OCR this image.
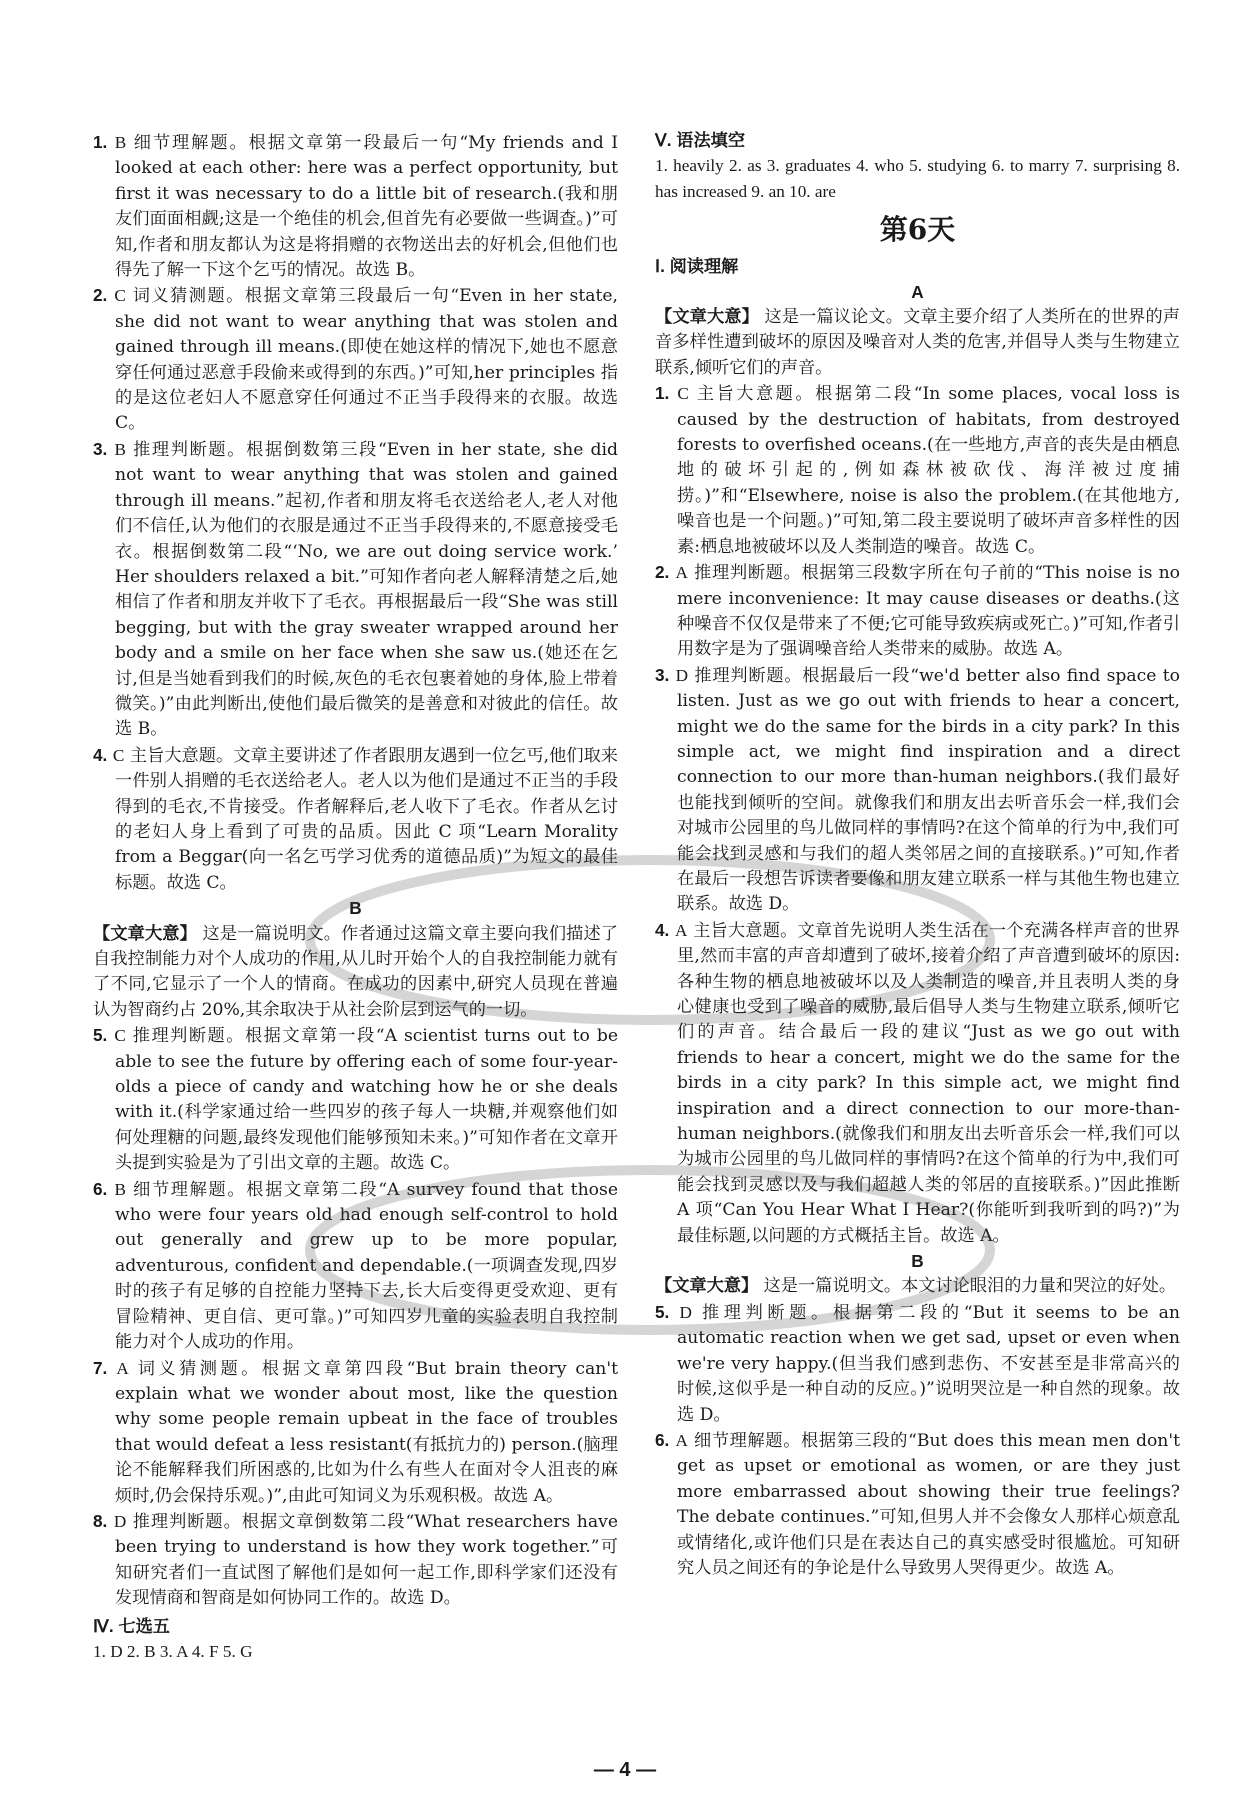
1. B 细节理解题。根据文章第一段最后一句“My friends and I looked at each other: here was a perfect opportunity, but first it was necessary to do a little bit of research.(我和朋友们面面相觑;这是一个绝佳的机会,但首先有必要做一些调查。)”可知,作者和朋友都认为这是将捐赠的衣物送出去的好机会,但他们也得先了解一下这个乞丐的情况。故选 B。

2. C 词义猜测题。根据文章第三段最后一句“Even in her state, she did not want to wear anything that was stolen and gained through ill means.(即使在她这样的情况下,她也不愿意穿任何通过恶意手段偷来或得到的东西。)”可知,her principles 指的是这位老妇人不愿意穿任何通过不正当手段得来的衣服。故选 C。

3. B 推理判断题。根据倒数第三段“Even in her state, she did not want to wear anything that was stolen and gained through ill means.”起初,作者和朋友将毛衣送给老人,老人对他们不信任,认为他们的衣服是通过不正当手段得来的,不愿意接受毛衣。根据倒数第二段“‘No, we are out doing service work.’ Her shoulders relaxed a bit.”可知作者向老人解释清楚之后,她相信了作者和朋友并收下了毛衣。再根据最后一段“She was still begging, but with the gray sweater wrapped around her body and a smile on her face when she saw us.(她还在乞讨,但是当她看到我们的时候,灰色的毛衣包裹着她的身体,脸上带着微笑。)”由此判断出,使他们最后微笑的是善意和对彼此的信任。故选 B。

4. C 主旨大意题。文章主要讲述了作者跟朋友遇到一位乞丐,他们取来一件别人捐赠的毛衣送给老人。老人以为他们是通过不正当的手段得到的毛衣,不肯接受。作者解释后,老人收下了毛衣。作者从乞讨的老妇人身上看到了可贵的品质。因此 C 项“Learn Morality from a Beggar(向一名乞丐学习优秀的道德品质)”为短文的最佳标题。故选 C。

B

【文章大意】 这是一篇说明文。作者通过这篇文章主要向我们描述了自我控制能力对个人成功的作用,从儿时开始个人的自我控制能力就有了不同,它显示了一个人的情商。在成功的因素中,研究人员现在普遍认为智商约占 20%,其余取决于从社会阶层到运气的一切。

5. C 推理判断题。根据文章第一段“A scientist turns out to be able to see the future by offering each of some four-year-olds a piece of candy and watching how he or she deals with it.(科学家通过给一些四岁的孩子每人一块糖,并观察他们如何处理糖的问题,最终发现他们能够预知未来。)”可知作者在文章开头提到实验是为了引出文章的主题。故选 C。

6. B 细节理解题。根据文章第二段“A survey found that those who were four years old had enough self-control to hold out generally and grew up to be more popular, adventurous, confident and dependable.(一项调查发现,四岁时的孩子有足够的自控能力坚持下去,长大后变得更受欢迎、更有冒险精神、更自信、更可靠。)”可知四岁儿童的实验表明自我控制能力对个人成功的作用。

7. A 词义猜测题。根据文章第四段“But brain theory can't explain what we wonder about most, like the question why some people remain upbeat in the face of troubles that would defeat a less resistant(有抵抗力的) person.(脑理论不能解释我们所困惑的,比如为什么有些人在面对令人沮丧的麻烦时,仍会保持乐观。)”,由此可知词义为乐观积极。故选 A。

8. D 推理判断题。根据文章倒数第二段“What researchers have been trying to understand is how they work together.”可知研究者们一直试图了解他们是如何一起工作,即科学家们还没有发现情商和智商是如何协同工作的。故选 D。

Ⅳ. 七选五

1. D 2. B 3. A 4. F 5. G

Ⅴ. 语法填空

1. heavily 2. as 3. graduates 4. who 5. studying 6. to marry 7. surprising 8. has increased 9. an 10. are

第6天

Ⅰ. 阅读理解

A

【文章大意】 这是一篇议论文。文章主要介绍了人类所在的世界的声音多样性遭到破坏的原因及噪音对人类的危害,并倡导人类与生物建立联系,倾听它们的声音。

1. C 主旨大意题。根据第二段“In some places, vocal loss is caused by the destruction of habitats, from destroyed forests to overfished oceans.(在一些地方,声音的丧失是由栖息地的破坏引起的,例如森林被砍伐、海洋被过度捕捞。)”和“Elsewhere, noise is also the problem.(在其他地方,噪音也是一个问题。)”可知,第二段主要说明了破坏声音多样性的因素:栖息地被破坏以及人类制造的噪音。故选 C。

2. A 推理判断题。根据第三段数字所在句子前的“This noise is no mere inconvenience: It may cause diseases or deaths.(这种噪音不仅仅是带来了不便;它可能导致疾病或死亡。)”可知,作者引用数字是为了强调噪音给人类带来的威胁。故选 A。

3. D 推理判断题。根据最后一段“we'd better also find space to listen. Just as we go out with friends to hear a concert, might we do the same for the birds in a city park? In this simple act, we might find inspiration and a direct connection to our more than-human neighbors.(我们最好也能找到倾听的空间。就像我们和朋友出去听音乐会一样,我们会对城市公园里的鸟儿做同样的事情吗?在这个简单的行为中,我们可能会找到灵感和与我们的超人类邻居之间的直接联系。)”可知,作者在最后一段想告诉读者要像和朋友建立联系一样与其他生物也建立联系。故选 D。

4. A 主旨大意题。文章首先说明人类生活在一个充满各样声音的世界里,然而丰富的声音却遭到了破坏,接着介绍了声音遭到破坏的原因:各种生物的栖息地被破坏以及人类制造的噪音,并且表明人类的身心健康也受到了噪音的威胁,最后倡导人类与生物建立联系,倾听它们的声音。结合最后一段的建议“Just as we go out with friends to hear a concert, might we do the same for the birds in a city park? In this simple act, we might find inspiration and a direct connection to our more-than-human neighbors.(就像我们和朋友出去听音乐会一样,我们可以为城市公园里的鸟儿做同样的事情吗?在这个简单的行为中,我们可能会找到灵感以及与我们超越人类的邻居的直接联系。)”因此推断 A 项“Can You Hear What I Hear?(你能听到我听到的吗?)”为最佳标题,以问题的方式概括主旨。故选 A。

B

【文章大意】 这是一篇说明文。本文讨论眼泪的力量和哭泣的好处。

5. D 推理判断题。根据第二段的“But it seems to be an automatic reaction when we get sad, upset or even when we're very happy.(但当我们感到悲伤、不安甚至是非常高兴的时候,这似乎是一种自动的反应。)”说明哭泣是一种自然的现象。故选 D。

6. A 细节理解题。根据第三段的“But does this mean men don't get as upset or emotional as women, or are they just more embarrassed about showing their true feelings? The debate continues.”可知,但男人并不会像女人那样心烦意乱或情绪化,或许他们只是在表达自己的真实感受时很尴尬。可知研究人员之间还有的争论是什么导致男人哭得更少。故选 A。

— 4 —
